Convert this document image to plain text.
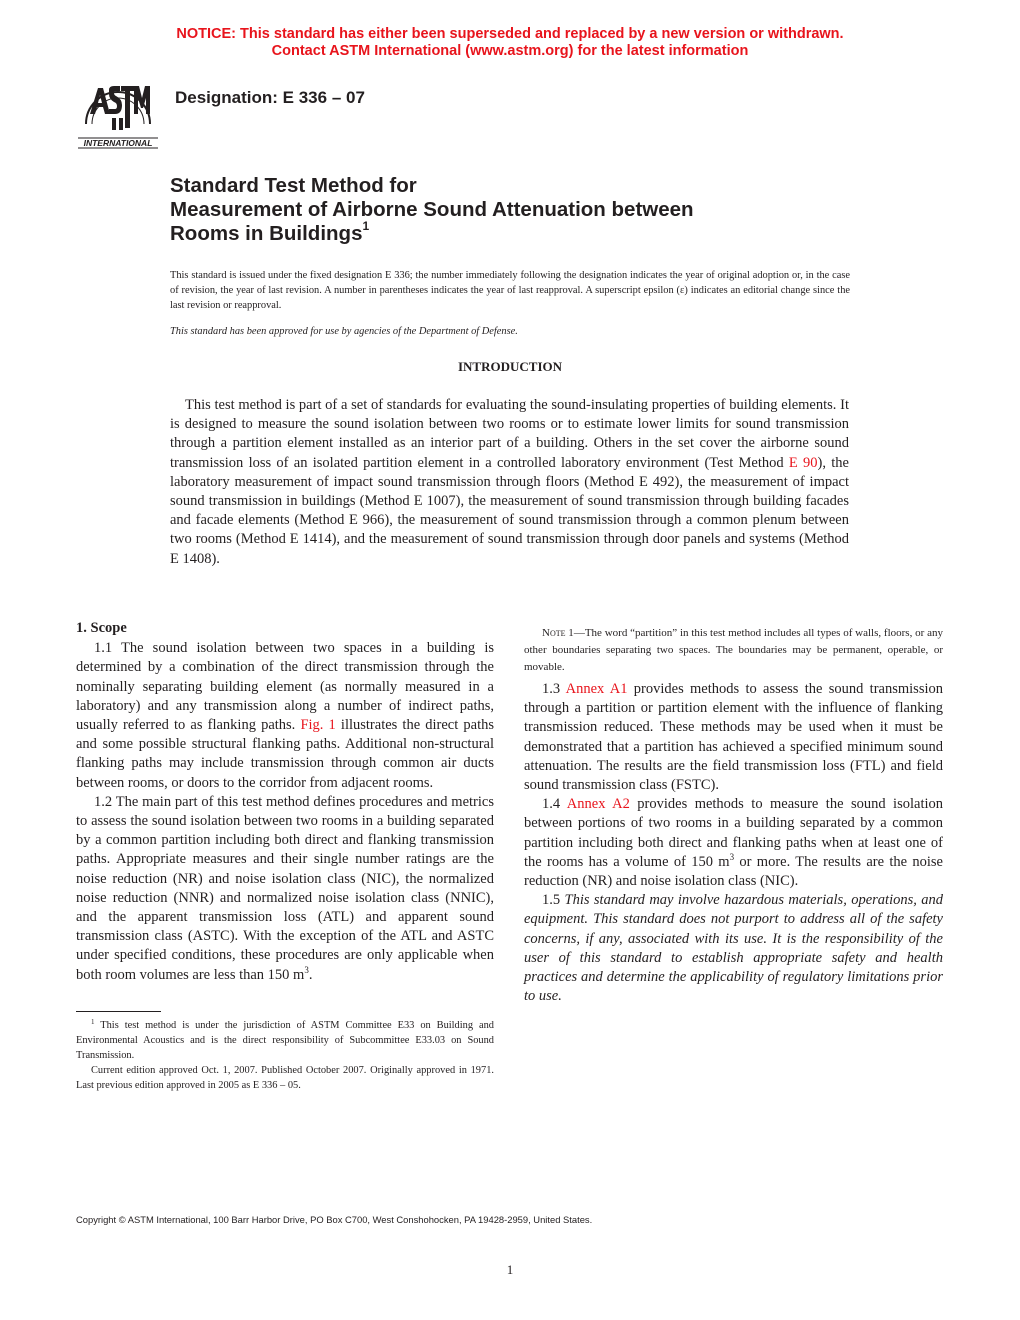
NOTICE: This standard has either been superseded and replaced by a new version or withdrawn.
Contact ASTM International (www.astm.org) for the latest information
INTERNATIONAL
Designation: E 336 – 07
Standard Test Method for
Measurement of Airborne Sound Attenuation between
Rooms in Buildings$^1$
This standard is issued under the fixed designation E 336; the number immediately following the designation indicates the year of original adoption or, in the case of revision, the year of last revision. A number in parentheses indicates the year of last reapproval. A superscript epsilon (ε) indicates an editorial change since the last revision or reapproval.
This standard has been approved for use by agencies of the Department of Defense.
INTRODUCTION
This test method is part of a set of standards for evaluating the sound-insulating properties of building elements. It is designed to measure the sound isolation between two rooms or to estimate lower limits for sound transmission through a partition element installed as an interior part of a building. Others in the set cover the airborne sound transmission loss of an isolated partition element in a controlled laboratory environment (Test Method E 90), the laboratory measurement of impact sound transmission through floors (Method E 492), the measurement of impact sound transmission in buildings (Method E 1007), the measurement of sound transmission through building facades and facade elements (Method E 966), the measurement of sound transmission through a common plenum between two rooms (Method E 1414), and the measurement of sound transmission through door panels and systems (Method E 1408).

1. Scope

1.1 The sound isolation between two spaces in a building is determined by a combination of the direct transmission through the nominally separating building element (as normally measured in a laboratory) and any transmission along a number of indirect paths, usually referred to as flanking paths. Fig. 1 illustrates the direct paths and some possible structural flanking paths. Additional non-structural flanking paths may include transmission through common air ducts between rooms, or doors to the corridor from adjacent rooms.

1.2 The main part of this test method defines procedures and metrics to assess the sound isolation between two rooms in a building separated by a common partition including both direct and flanking transmission paths. Appropriate measures and their single number ratings are the noise reduction (NR) and noise isolation class (NIC), the normalized noise reduction (NNR) and normalized noise isolation class (NNIC), and the apparent transmission loss (ATL) and apparent sound transmission class (ASTC). With the exception of the ATL and ASTC under specified conditions, these procedures are only applicable when both room volumes are less than 150 $m^3$.

Note 1—The word “partition” in this test method includes all types of walls, floors, or any other boundaries separating two spaces. The boundaries may be permanent, operable, or movable.

1.3 Annex A1 provides methods to assess the sound transmission through a partition or partition element with the influence of flanking transmission reduced. These methods may be used when it must be demonstrated that a partition has achieved a specified minimum sound attenuation. The results are the field transmission loss (FTL) and field sound transmission class (FSTC).

1.4 Annex A2 provides methods to measure the sound isolation between portions of two rooms in a building separated by a common partition including both direct and flanking paths when at least one of the rooms has a volume of 150 $m^3$ or more. The results are the noise reduction (NR) and noise isolation class (NIC).

1.5 This standard may involve hazardous materials, operations, and equipment. This standard does not purport to address all of the safety concerns, if any, associated with its use. It is the responsibility of the user of this standard to establish appropriate safety and health practices and determine the applicability of regulatory limitations prior to use.

$^1$ This test method is under the jurisdiction of ASTM Committee E33 on Building and Environmental Acoustics and is the direct responsibility of Subcommittee E33.03 on Sound Transmission.

Current edition approved Oct. 1, 2007. Published October 2007. Originally approved in 1971. Last previous edition approved in 2005 as E 336 – 05.

Copyright © ASTM International, 100 Barr Harbor Drive, PO Box C700, West Conshohocken, PA 19428-2959, United States.
1
